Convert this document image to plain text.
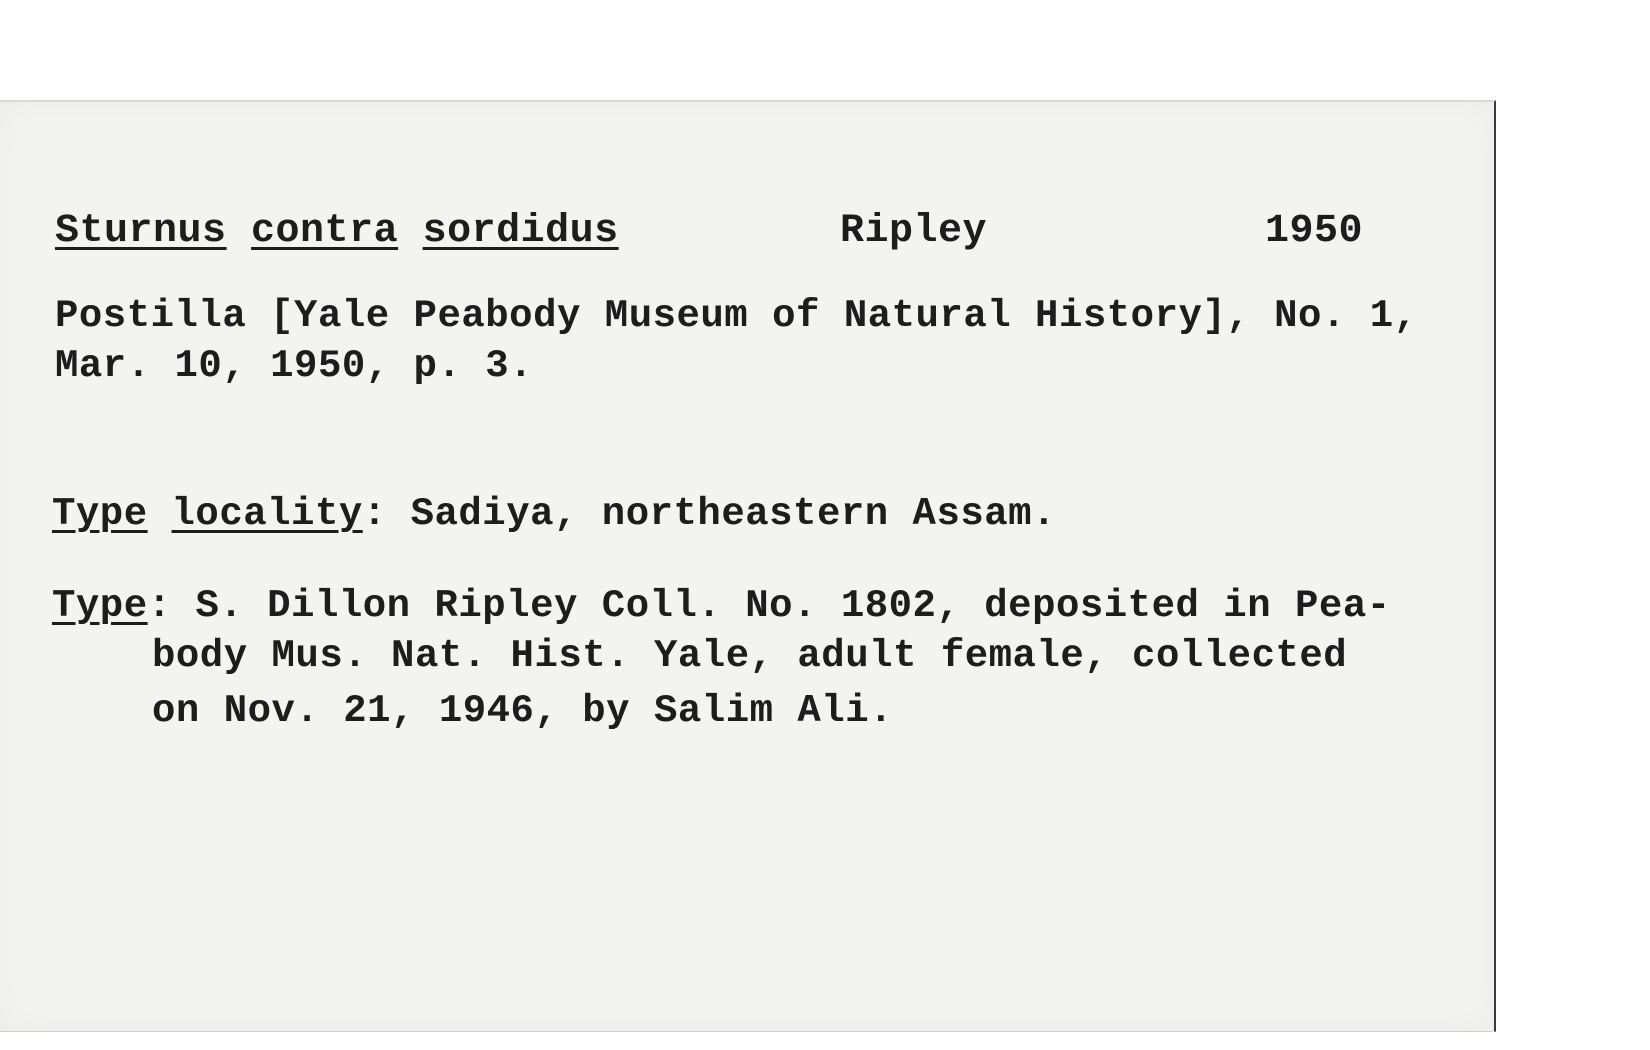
Sturnus contra sordidus	Ripley	1950
Postilla [Yale Peabody Museum of Natural History], No. 1,
Mar. 10, 1950, p. 3.
Type locality: Sadiya, northeastern Assam.
Type: S. Dillon Ripley Coll. No. 1802, deposited in Pea-
body Mus. Nat. Hist. Yale, adult female, collected
on Nov. 21, 1946, by Salim Ali.
